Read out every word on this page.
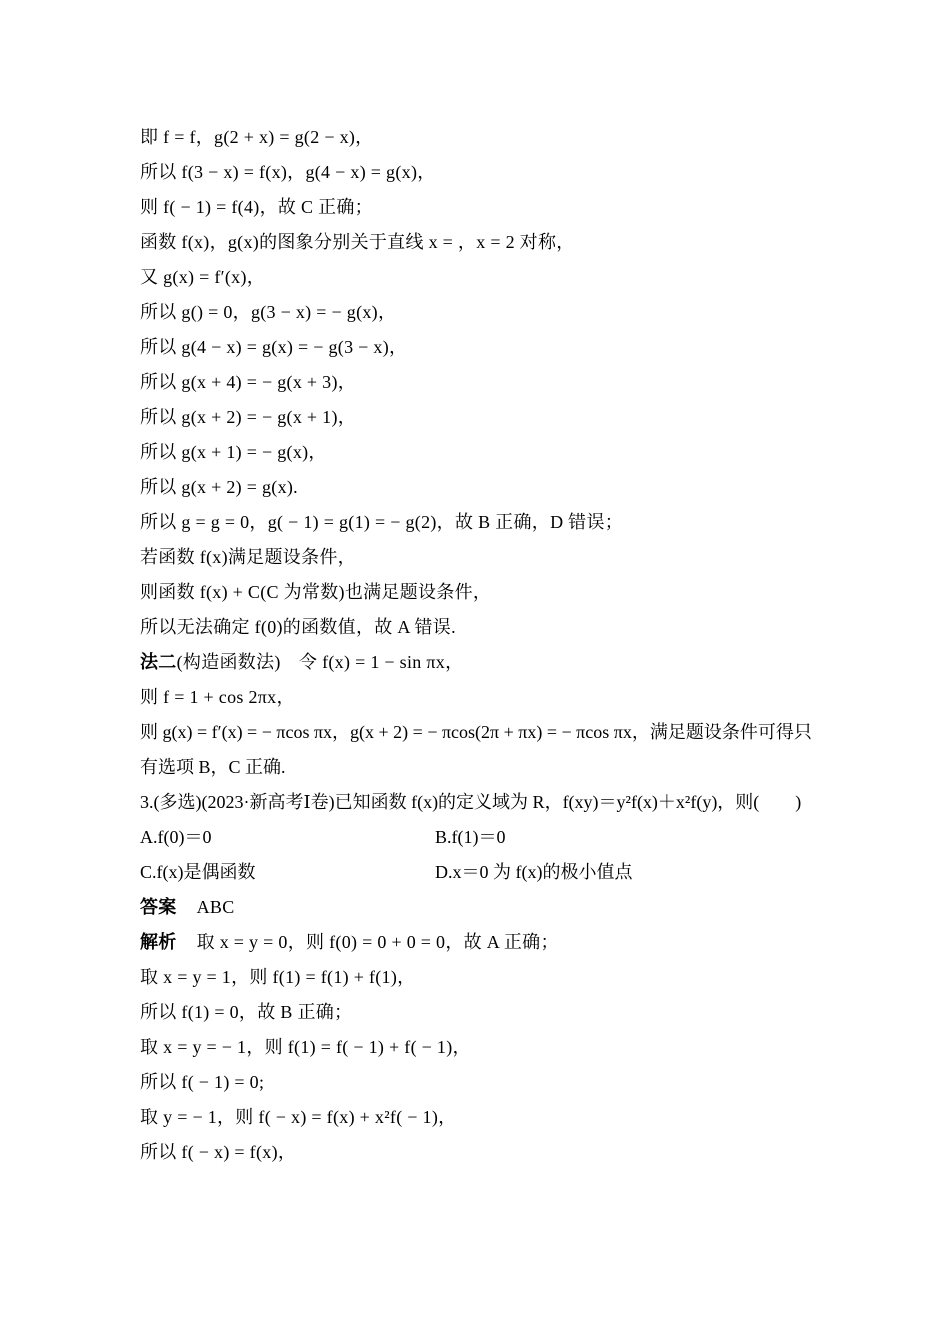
即 f = f，g(2 + x) = g(2 − x)，
所以 f(3 − x) = f(x)，g(4 − x) = g(x)，
则 f( − 1) = f(4)，故 C 正确；
函数 f(x)，g(x)的图象分别关于直线 x = ，x = 2 对称，
又 g(x) = f′(x)，
所以 g() = 0，g(3 − x) = − g(x)，
所以 g(4 − x) = g(x) = − g(3 − x)，
所以 g(x + 4) = − g(x + 3)，
所以 g(x + 2) = − g(x + 1)，
所以 g(x + 1) = − g(x)，
所以 g(x + 2) = g(x).
所以 g = g = 0，g( − 1) = g(1) = − g(2)，故 B 正确，D 错误；
若函数 f(x)满足题设条件，
则函数 f(x) + C(C 为常数)也满足题设条件，
所以无法确定 f(0)的函数值，故 A 错误.
法二(构造函数法)　令 f(x) = 1 − sin πx，
则 f = 1 + cos 2πx，
则 g(x) = f′(x) = − πcos πx，g(x + 2) = − πcos(2π + πx) = − πcos πx，满足题设条件可得只有选项 B，C 正确.
3.(多选)(2023·新高考Ⅰ卷)已知函数 f(x)的定义域为 R，f(xy)＝y²f(x)＋x²f(y)，则(　　)
A.f(0)＝0	B.f(1)＝0
C.f(x)是偶函数	D.x＝0 为 f(x)的极小值点
答案 ABC
解析 取 x = y = 0，则 f(0) = 0 + 0 = 0，故 A 正确；
取 x = y = 1，则 f(1) = f(1) + f(1)，
所以 f(1) = 0，故 B 正确；
取 x = y = − 1，则 f(1) = f( − 1) + f( − 1)，
所以 f( − 1) = 0;
取 y = − 1，则 f( − x) = f(x) + x²f( − 1)，
所以 f( − x) = f(x)，
